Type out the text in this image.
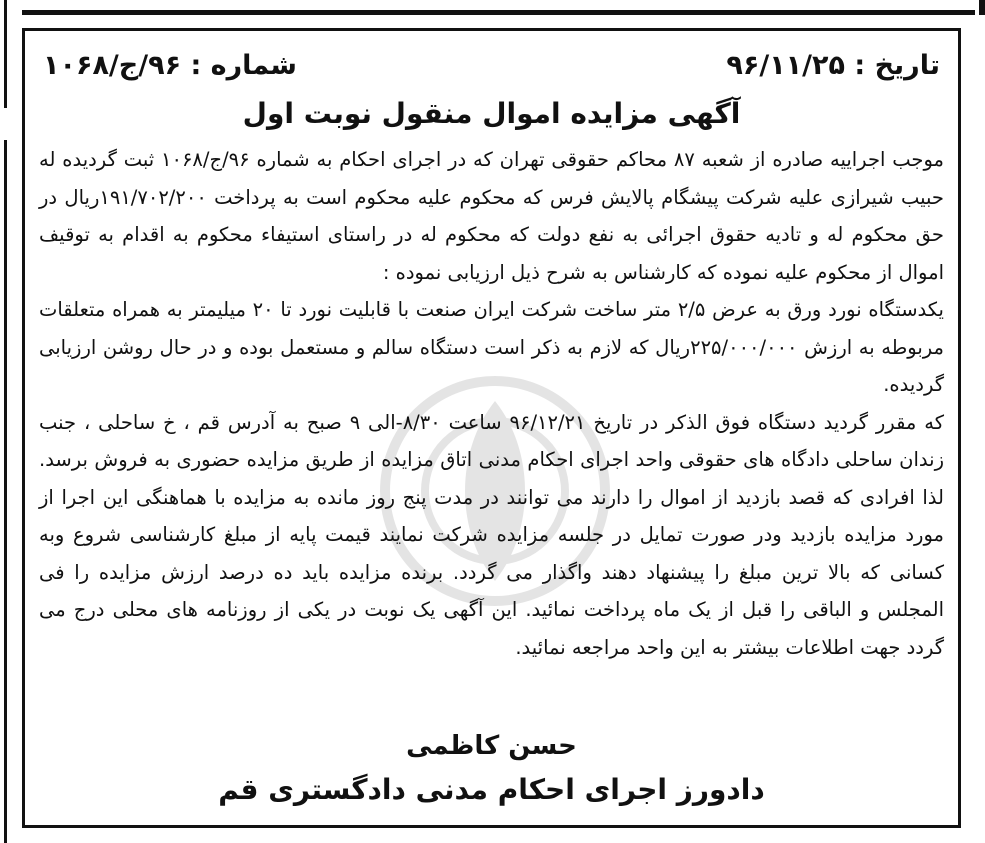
تاریخ : ۹۶/۱۱/۲۵
شماره : ۹۶/ج/۱۰۶۸
آگهی مزایده اموال منقول نوبت اول

موجب اجراییه صادره از شعبه ۸۷ محاکم حقوقی تهران که در اجرای احکام به شماره ۹۶/ج/۱۰۶۸ ثبت گردیده له حبیب شیرازی علیه شرکت پیشگام پالایش فرس که محکوم علیه محکوم است به پرداخت ۱۹۱/۷۰۲/۲۰۰ریال در حق محکوم له و تادیه حقوق اجرائی به نفع دولت که محکوم له در راستای استیفاء محکوم به اقدام به توقیف اموال از محکوم علیه نموده که کارشناس به شرح ذیل ارزیابی نموده :

یکدستگاه نورد ورق به عرض ۲/۵ متر ساخت شرکت ایران صنعت با قابلیت نورد تا ۲۰ میلیمتر به همراه متعلقات مربوطه به ارزش ۲۲۵/۰۰۰/۰۰۰ریال که لازم به ذکر است دستگاه سالم و مستعمل بوده و در حال روشن ارزیابی گردیده.

که مقرر گردید دستگاه فوق الذکر در تاریخ ۹۶/۱۲/۲۱ ساعت ۸/۳۰-الی ۹ صبح به آدرس قم ، خ ساحلی ، جنب زندان ساحلی دادگاه های حقوقی واحد اجرای احکام مدنی اتاق مزایده از طریق مزایده حضوری به فروش برسد. لذا افرادی که قصد بازدید از اموال را دارند می توانند در مدت پنج روز مانده به مزایده با هماهنگی این اجرا از مورد مزایده بازدید ودر صورت تمایل در جلسه مزایده شرکت نمایند قیمت پایه از مبلغ کارشناسی شروع وبه کسانی که بالا ترین مبلغ را پیشنهاد دهند واگذار می گردد. برنده مزایده باید ده درصد ارزش مزایده را فی المجلس و الباقی را قبل از یک ماه پرداخت نمائید. این آگهی یک نوبت در یکی از روزنامه های محلی درج می گردد جهت اطلاعات بیشتر به این واحد مراجعه نمائید.

حسن کاظمی
دادورز اجرای احکام مدنی دادگستری قم
